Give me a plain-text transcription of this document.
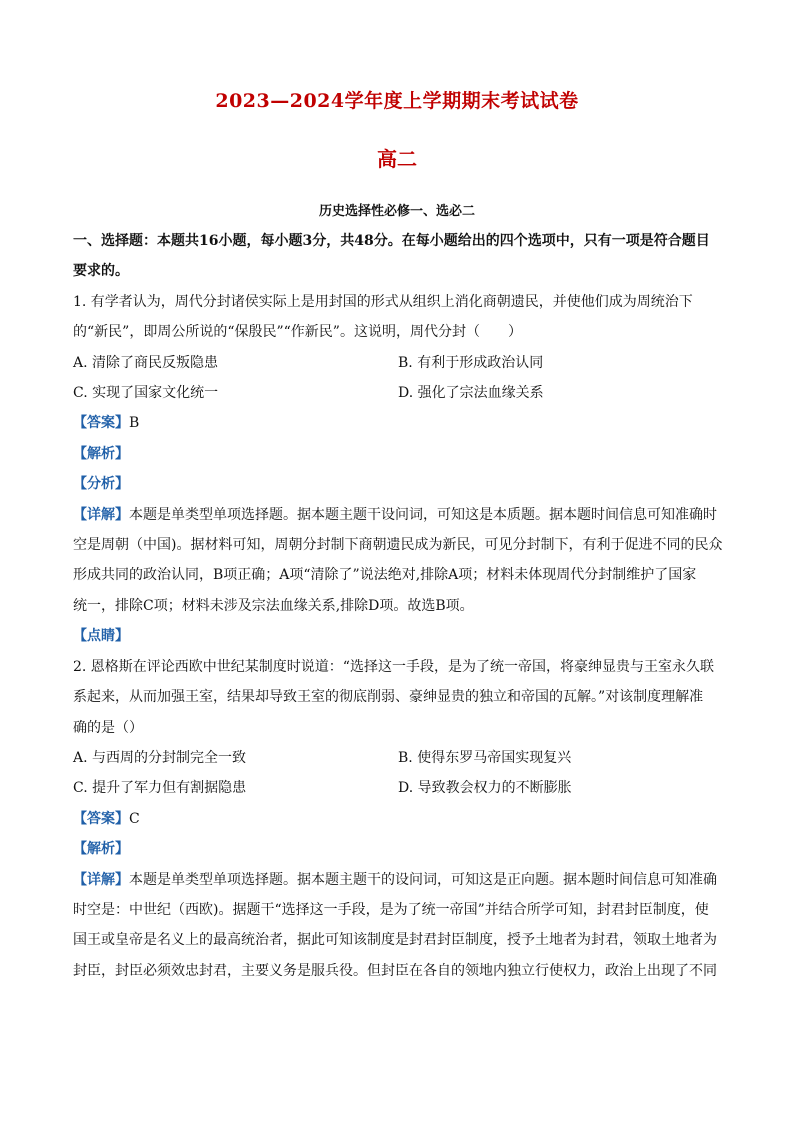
2023—2024学年度上学期期末考试试卷
高二
历史选择性必修一、选必二
一、选择题：本题共16小题，每小题3分，共48分。在每小题给出的四个选项中，只有一项是符合题目
要求的。
1. 有学者认为，周代分封诸侯实际上是用封国的形式从组织上消化商朝遗民，并使他们成为周统治下
的“新民”，即周公所说的“保殷民”“作新民”。这说明，周代分封（　　）
A. 清除了商民反叛隐患	B. 有利于形成政治认同
C. 实现了国家文化统一	D. 强化了宗法血缘关系
【答案】B
【解析】
【分析】
【详解】本题是单类型单项选择题。据本题主题干设问词，可知这是本质题。据本题时间信息可知准确时
空是周朝（中国)。据材料可知，周朝分封制下商朝遗民成为新民，可见分封制下，有利于促进不同的民众
形成共同的政治认同，B项正确；A项“清除了”说法绝对,排除A项；材料未体现周代分封制维护了国家
统一，排除C项；材料未涉及宗法血缘关系,排除D项。故选B项。
【点睛】
2. 恩格斯在评论西欧中世纪某制度时说道：“选择这一手段，是为了统一帝国，将豪绅显贵与王室永久联
系起来，从而加强王室，结果却导致王室的彻底削弱、豪绅显贵的独立和帝国的瓦解。”对该制度理解准
确的是（）
A. 与西周的分封制完全一致	B. 使得东罗马帝国实现复兴
C. 提升了军力但有割据隐患	D. 导致教会权力的不断膨胀
【答案】C
【解析】
【详解】本题是单类型单项选择题。据本题主题干的设问词，可知这是正向题。据本题时间信息可知准确
时空是：中世纪（西欧)。据题干“选择这一手段，是为了统一帝国”并结合所学可知，封君封臣制度，使
国王或皇帝是名义上的最高统治者，据此可知该制度是封君封臣制度，授予土地者为封君，领取土地者为
封臣，封臣必须效忠封君，主要义务是服兵役。但封臣在各自的领地内独立行使权力，政治上出现了不同
